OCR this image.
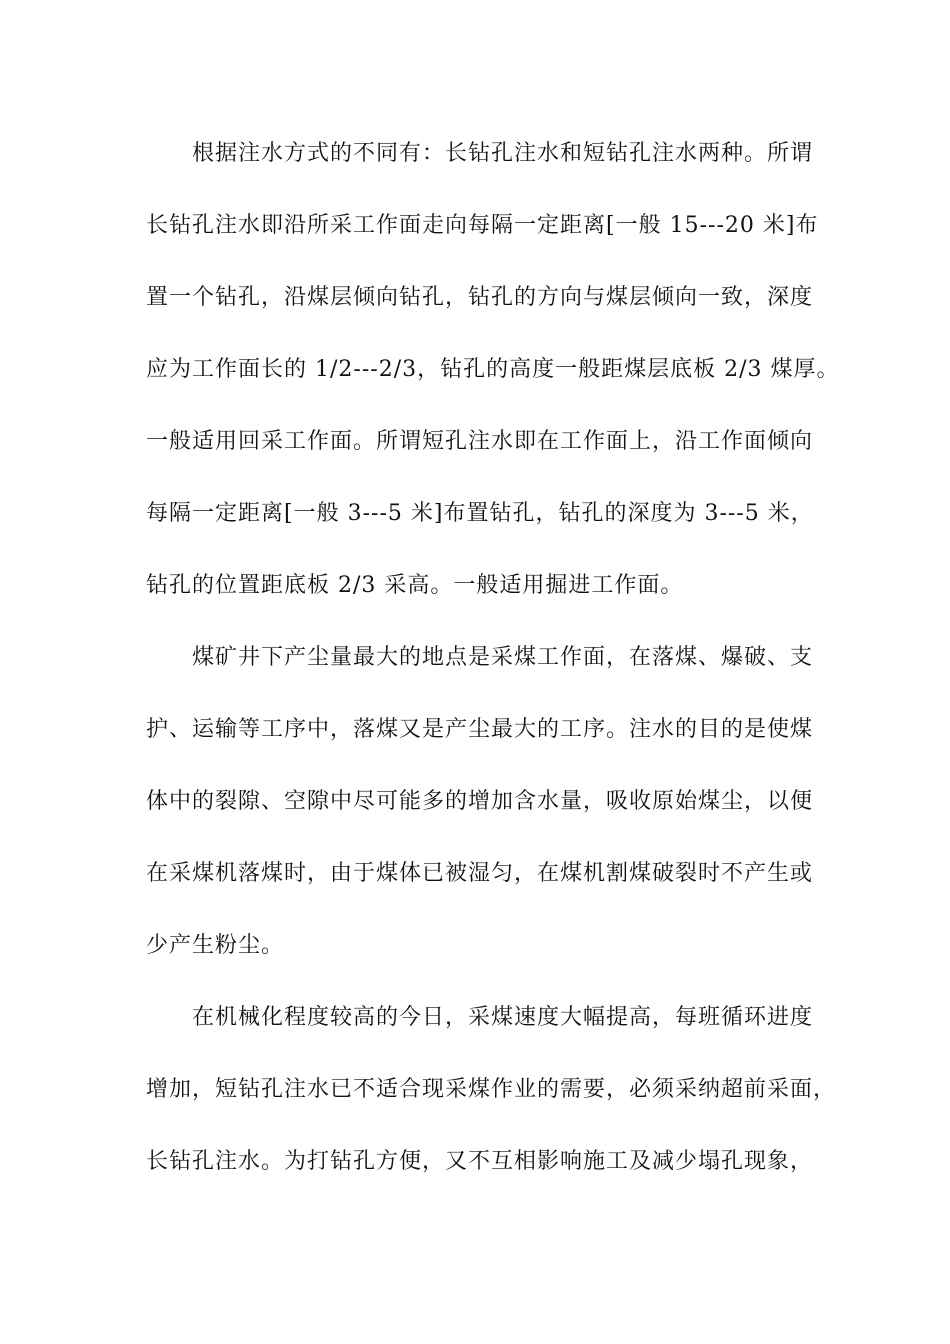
根据注水方式的不同有：长钻孔注水和短钻孔注水两种。所谓
长钻孔注水即沿所采工作面走向每隔一定距离[一般 15---20 米]布
置一个钻孔，沿煤层倾向钻孔，钻孔的方向与煤层倾向一致，深度
应为工作面长的 1/2---2/3，钻孔的高度一般距煤层底板 2/3 煤厚。
一般适用回采工作面。所谓短孔注水即在工作面上，沿工作面倾向
每隔一定距离[一般 3---5 米]布置钻孔，钻孔的深度为 3---5 米，
钻孔的位置距底板 2/3 采高。一般适用掘进工作面。
煤矿井下产尘量最大的地点是采煤工作面，在落煤、爆破、支
护、运输等工序中，落煤又是产尘最大的工序。注水的目的是使煤
体中的裂隙、空隙中尽可能多的增加含水量，吸收原始煤尘，以便
在采煤机落煤时，由于煤体已被湿匀，在煤机割煤破裂时不产生或
少产生粉尘。
在机械化程度较高的今日，采煤速度大幅提高，每班循环进度
增加，短钻孔注水已不适合现采煤作业的需要，必须采纳超前采面，
长钻孔注水。为打钻孔方便，又不互相影响施工及减少塌孔现象，
